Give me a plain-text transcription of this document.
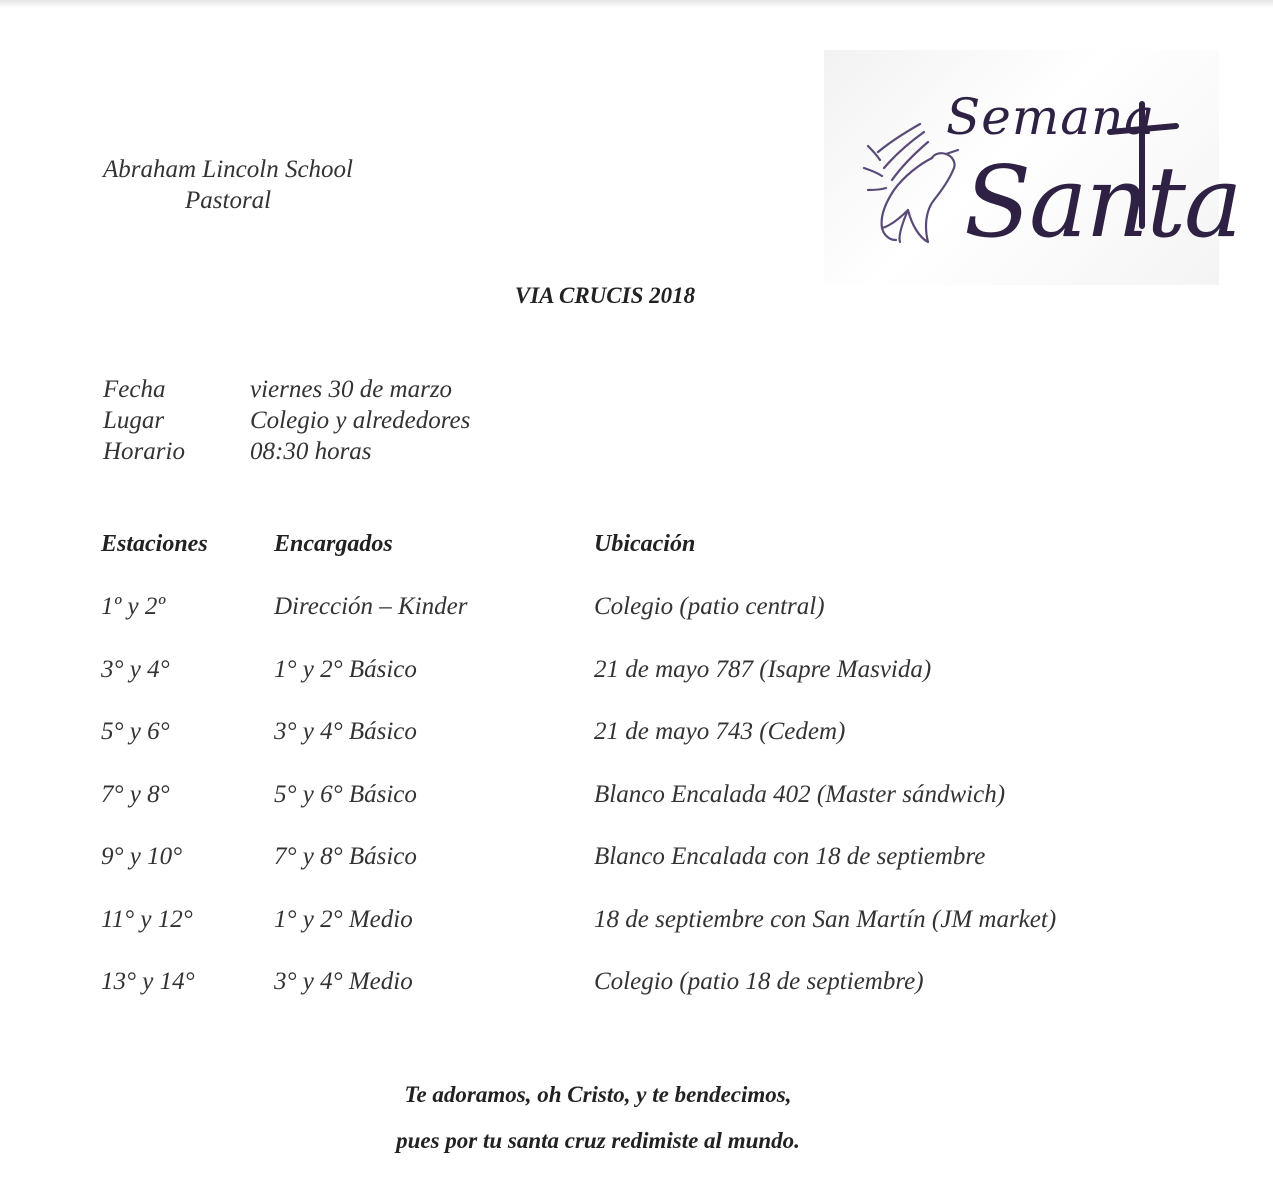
Abraham Lincoln School
Pastoral
Semana
Santa
VIA CRUCIS 2018
Fecha	viernes 30 de marzo
Lugar	Colegio y alrededores
Horario	08:30 horas
Estaciones	Encargados	Ubicación
1º y 2º	Dirección – Kinder	Colegio (patio central)
3° y 4°	1° y 2° Básico	21 de mayo 787 (Isapre Masvida)
5° y 6°	3° y 4° Básico	21 de mayo 743 (Cedem)
7° y 8°	5° y 6° Básico	Blanco Encalada 402 (Master sándwich)
9° y 10°	7° y 8° Básico	Blanco Encalada con 18 de septiembre
11° y 12°	1° y 2° Medio	18 de septiembre con San Martín (JM market)
13° y 14°	3° y 4° Medio	Colegio (patio 18 de septiembre)
Te adoramos, oh Cristo, y te bendecimos,
pues por tu santa cruz redimiste al mundo.
